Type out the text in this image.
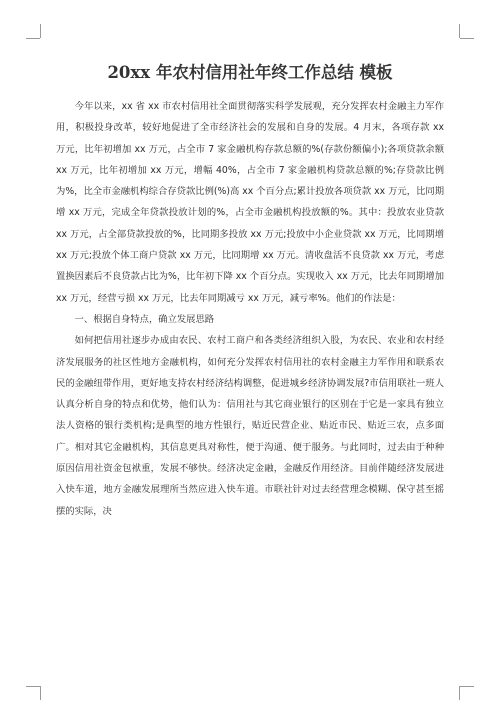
20xx 年农村信用社年终工作总结 模板

今年以来，xx 省 xx 市农村信用社全面贯彻落实科学发展观，充分发挥农村金融主力军作用，积极投身改革，较好地促进了全市经济社会的发展和自身的发展。4 月末，各项存款 xx 万元，比年初增加 xx 万元，占全市 7 家金融机构存款总额的%(存款份额偏小);各项贷款余额 xx 万元，比年初增加 xx 万元，增幅 40%，占全市 7 家金融机构贷款总额的%;存贷款比例为%，比全市金融机构综合存贷款比例(%)高 xx 个百分点;累计投放各项贷款 xx 万元，比同期增 xx 万元，完成全年贷款投放计划的%，占全市金融机构投放额的%。其中：投放农业贷款 xx 万元，占全部贷款投放的%，比同期多投放 xx 万元;投放中小企业贷款 xx 万元，比同期增 xx 万元;投放个体工商户贷款 xx 万元，比同期增 xx 万元。清收盘活不良贷款 xx 万元，考虑置换因素后不良贷款占比为%，比年初下降 xx 个百分点。实现收入 xx 万元，比去年同期增加 xx 万元，经营亏损 xx 万元，比去年同期减亏 xx 万元，减亏率%。他们的作法是：

一、根据自身特点，确立发展思路

如何把信用社逐步办成由农民、农村工商户和各类经济组织入股，为农民、农业和农村经济发展服务的社区性地方金融机构，如何充分发挥农村信用社的农村金融主力军作用和联系农民的金融纽带作用，更好地支持农村经济结构调整，促进城乡经济协调发展?市信用联社一班人认真分析自身的特点和优势，他们认为：信用社与其它商业银行的区别在于它是一家具有独立法人资格的银行类机构;是典型的地方性银行，贴近民营企业、贴近市民、贴近三农，点多面广。相对其它金融机构，其信息更具对称性，便于沟通、便于服务。与此同时，过去由于种种原因信用社资金包袱重，发展不够快。经济决定金融，金融反作用经济。目前伴随经济发展进入快车道，地方金融发展理所当然应进入快车道。市联社针对过去经营理念模糊、保守甚至摇摆的实际，决
